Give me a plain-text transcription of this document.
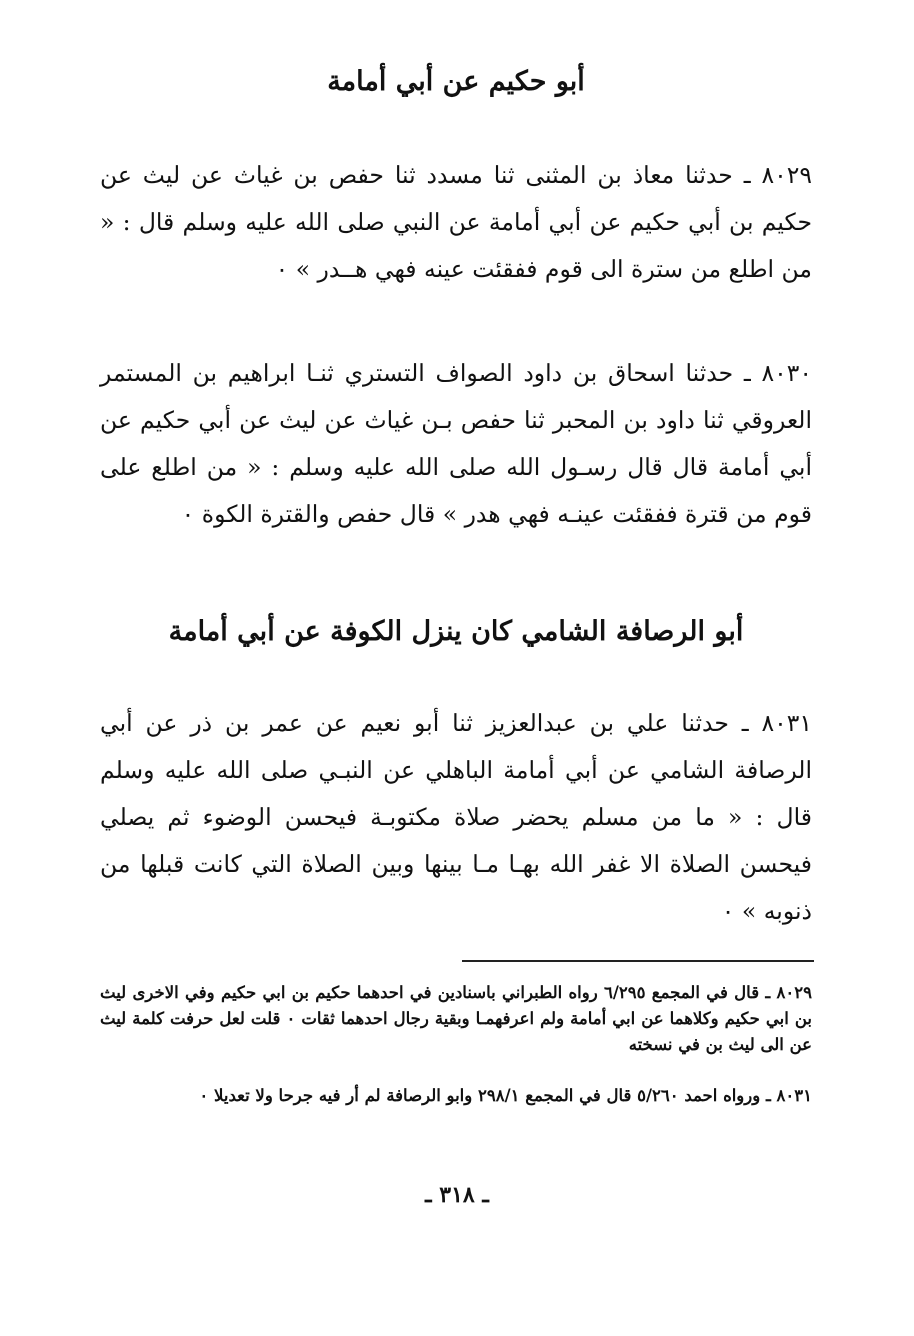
أبو حكيم عن أبي أمامة
٨٠٢٩ ـ حدثنا معاذ بن المثنى ثنا مسدد ثنا حفص بن غياث عن ليث عن حكيم بن أبي حكيم عن أبي أمامة عن النبي صلى الله عليه وسلم قال : « من اطلع من سترة الى قوم ففقئت عينه فهي هــدر » ٠
٨٠٣٠ ـ حدثنا اسحاق بن داود الصواف التستري ثنـا ابراهيم بن المستمر العروقي ثنا داود بن المحبر ثنا حفص بـن غياث عن ليث عن أبي حكيم عن أبي أمامة قال قال رسـول الله صلى الله عليه وسلم : « من اطلع على قوم من قترة ففقئت عينـه فهي هدر » قال حفص والقترة الكوة ٠
أبو الرصافة الشامي كان ينزل الكوفة عن أبي أمامة
٨٠٣١ ـ حدثنا علي بن عبدالعزيز ثنا أبو نعيم عن عمر بن ذر عن أبي الرصافة الشامي عن أبي أمامة الباهلي عن النبـي صلى الله عليه وسلم قال : « ما من مسلم يحضر صلاة مكتوبـة فيحسن الوضوء ثم يصلي فيحسن الصلاة الا غفر الله بهـا مـا بينها وبين الصلاة التي كانت قبلها من ذنوبه » ٠
٨٠٢٩ ـ قال في المجمع ٦/٢٩٥ رواه الطبراني باسنادين في احدهما حكيم بن ابي حكيم وفي الاخرى ليث بن ابي حكيم وكلاهما عن ابي أمامة ولم اعرفهمـا وبقية رجال احدهما ثقات ٠ قلت لعل حرفت كلمة ليث عن الى ليث بن في نسخته
٨٠٣١ ـ ورواه احمد ٥/٢٦٠ قال في المجمع ٢٩٨/١ وابو الرصافة لم أر فيه جرحا ولا تعديلا ٠
ـ ٣١٨ ـ
